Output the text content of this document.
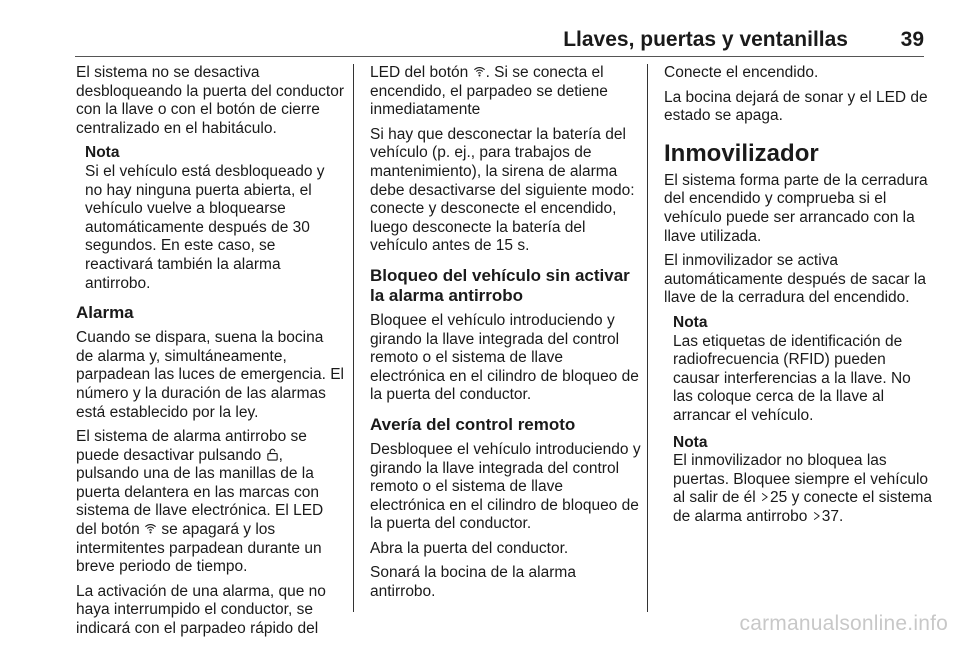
Llaves, puertas y ventanillas	39

El sistema no se desactiva desbloqueando la puerta del conductor con la llave o con el botón de cierre centralizado en el habitáculo.

Nota
Si el vehículo está desbloqueado y no hay ninguna puerta abierta, el vehículo vuelve a bloquearse automáticamente después de 30 segundos. En este caso, se reactivará también la alarma antirrobo.
Alarma

Cuando se dispara, suena la bocina de alarma y, simultáneamente, parpadean las luces de emergencia. El número y la duración de las alarmas está establecido por la ley.

El sistema de alarma antirrobo se puede desactivar pulsando , pulsando una de las manillas de la puerta delantera en las marcas con sistema de llave electrónica. El LED del botón se apagará y los intermitentes parpadean durante un breve periodo de tiempo.

La activación de una alarma, que no haya interrumpido el conductor, se indicará con el parpadeo rápido del

LED del botón . Si se conecta el encendido, el parpadeo se detiene inmediatamente

Si hay que desconectar la batería del vehículo (p. ej., para trabajos de mantenimiento), la sirena de alarma debe desactivarse del siguiente modo: conecte y desconecte el encendido, luego desconecte la batería del vehículo antes de 15 s.

Bloqueo del vehículo sin activar la alarma antirrobo

Bloquee el vehículo introduciendo y girando la llave integrada del control remoto o el sistema de llave electrónica en el cilindro de bloqueo de la puerta del conductor.

Avería del control remoto

Desbloquee el vehículo introduciendo y girando la llave integrada del control remoto o el sistema de llave electrónica en el cilindro de bloqueo de la puerta del conductor.

Abra la puerta del conductor.

Sonará la bocina de la alarma antirrobo.

Conecte el encendido.

La bocina dejará de sonar y el LED de estado se apaga.

Inmovilizador

El sistema forma parte de la cerradura del encendido y comprueba si el vehículo puede ser arrancado con la llave utilizada.

El inmovilizador se activa automáticamente después de sacar la llave de la cerradura del encendido.

Nota
Las etiquetas de identificación de radiofrecuencia (RFID) pueden causar interferencias a la llave. No las coloque cerca de la llave al arrancar el vehículo.
Nota
El inmovilizador no bloquea las puertas. Bloquee siempre el vehículo al salir de él 25 y conecte el sistema de alarma antirrobo 37.
carmanualsonline.info
